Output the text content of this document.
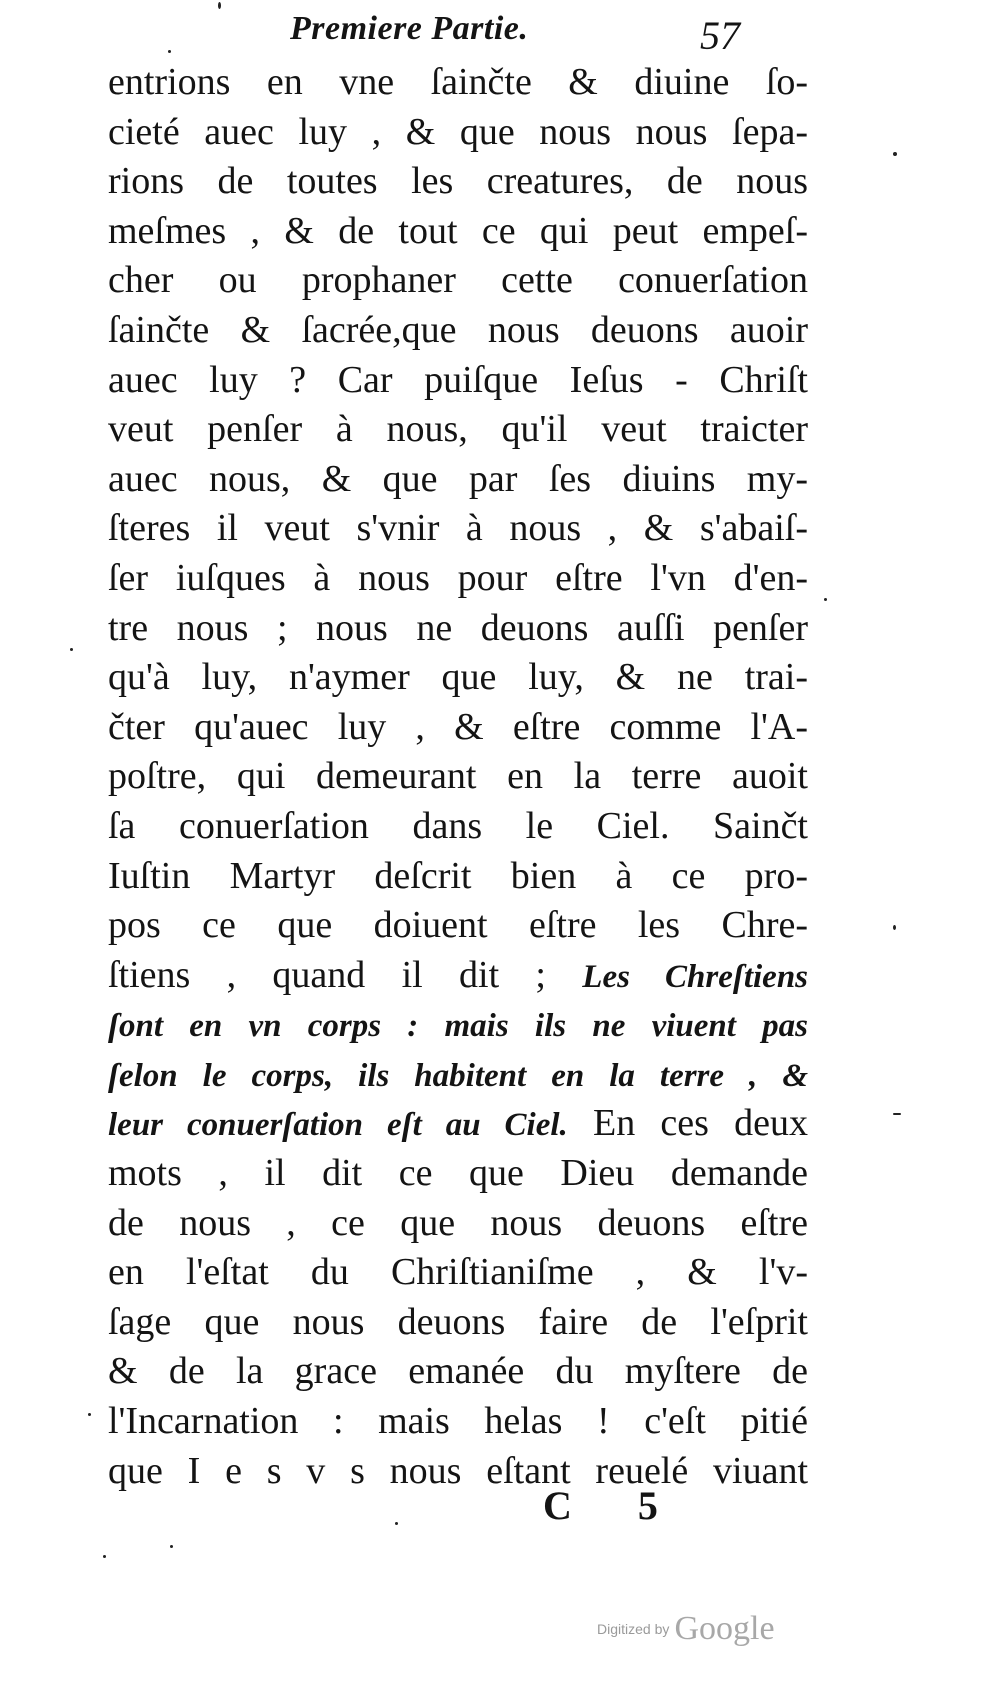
Premiere Partie.	57
entrions en vne ſainčte & diuine ſo-
cieté auec luy , & que nous nous ſepa-
rions de toutes les creatures, de nous
meſmes , & de tout ce qui peut empeſ-
cher ou prophaner cette conuerſation
ſainčte & ſacrée,que nous deuons auoir
auec luy ? Car puiſque Ieſus - Chriſt
veut penſer à nous, qu'il veut traicter
auec nous, & que par ſes diuins my-
ſteres il veut s'vnir à nous , & s'abaiſ-
ſer iuſques à nous pour eſtre l'vn d'en-
tre nous ; nous ne deuons auſſi penſer
qu'à luy, n'aymer que luy, & ne trai-
čter qu'auec luy , & eſtre comme l'A-
poſtre, qui demeurant en la terre auoit
ſa conuerſation dans le Ciel. Sainčt
Iuſtin Martyr deſcrit bien à ce pro-
pos ce que doiuent eſtre les Chre-
ſtiens , quand il dit ; Les Chreſtiens
ſont en vn corps : mais ils ne viuent pas
ſelon le corps, ils habitent en la terre , &
leur conuerſation eſt au Ciel. En ces deux
mots , il dit ce que Dieu demande
de nous , ce que nous deuons eſtre
en l'eſtat du Chriſtianiſme , & l'v-
ſage que nous deuons faire de l'eſprit
& de la grace emanée du myſtere de
l'Incarnation : mais helas ! c'eſt pitié
que I e s v s nous eſtant reuelé viuant
C 5
Digitized by Google
